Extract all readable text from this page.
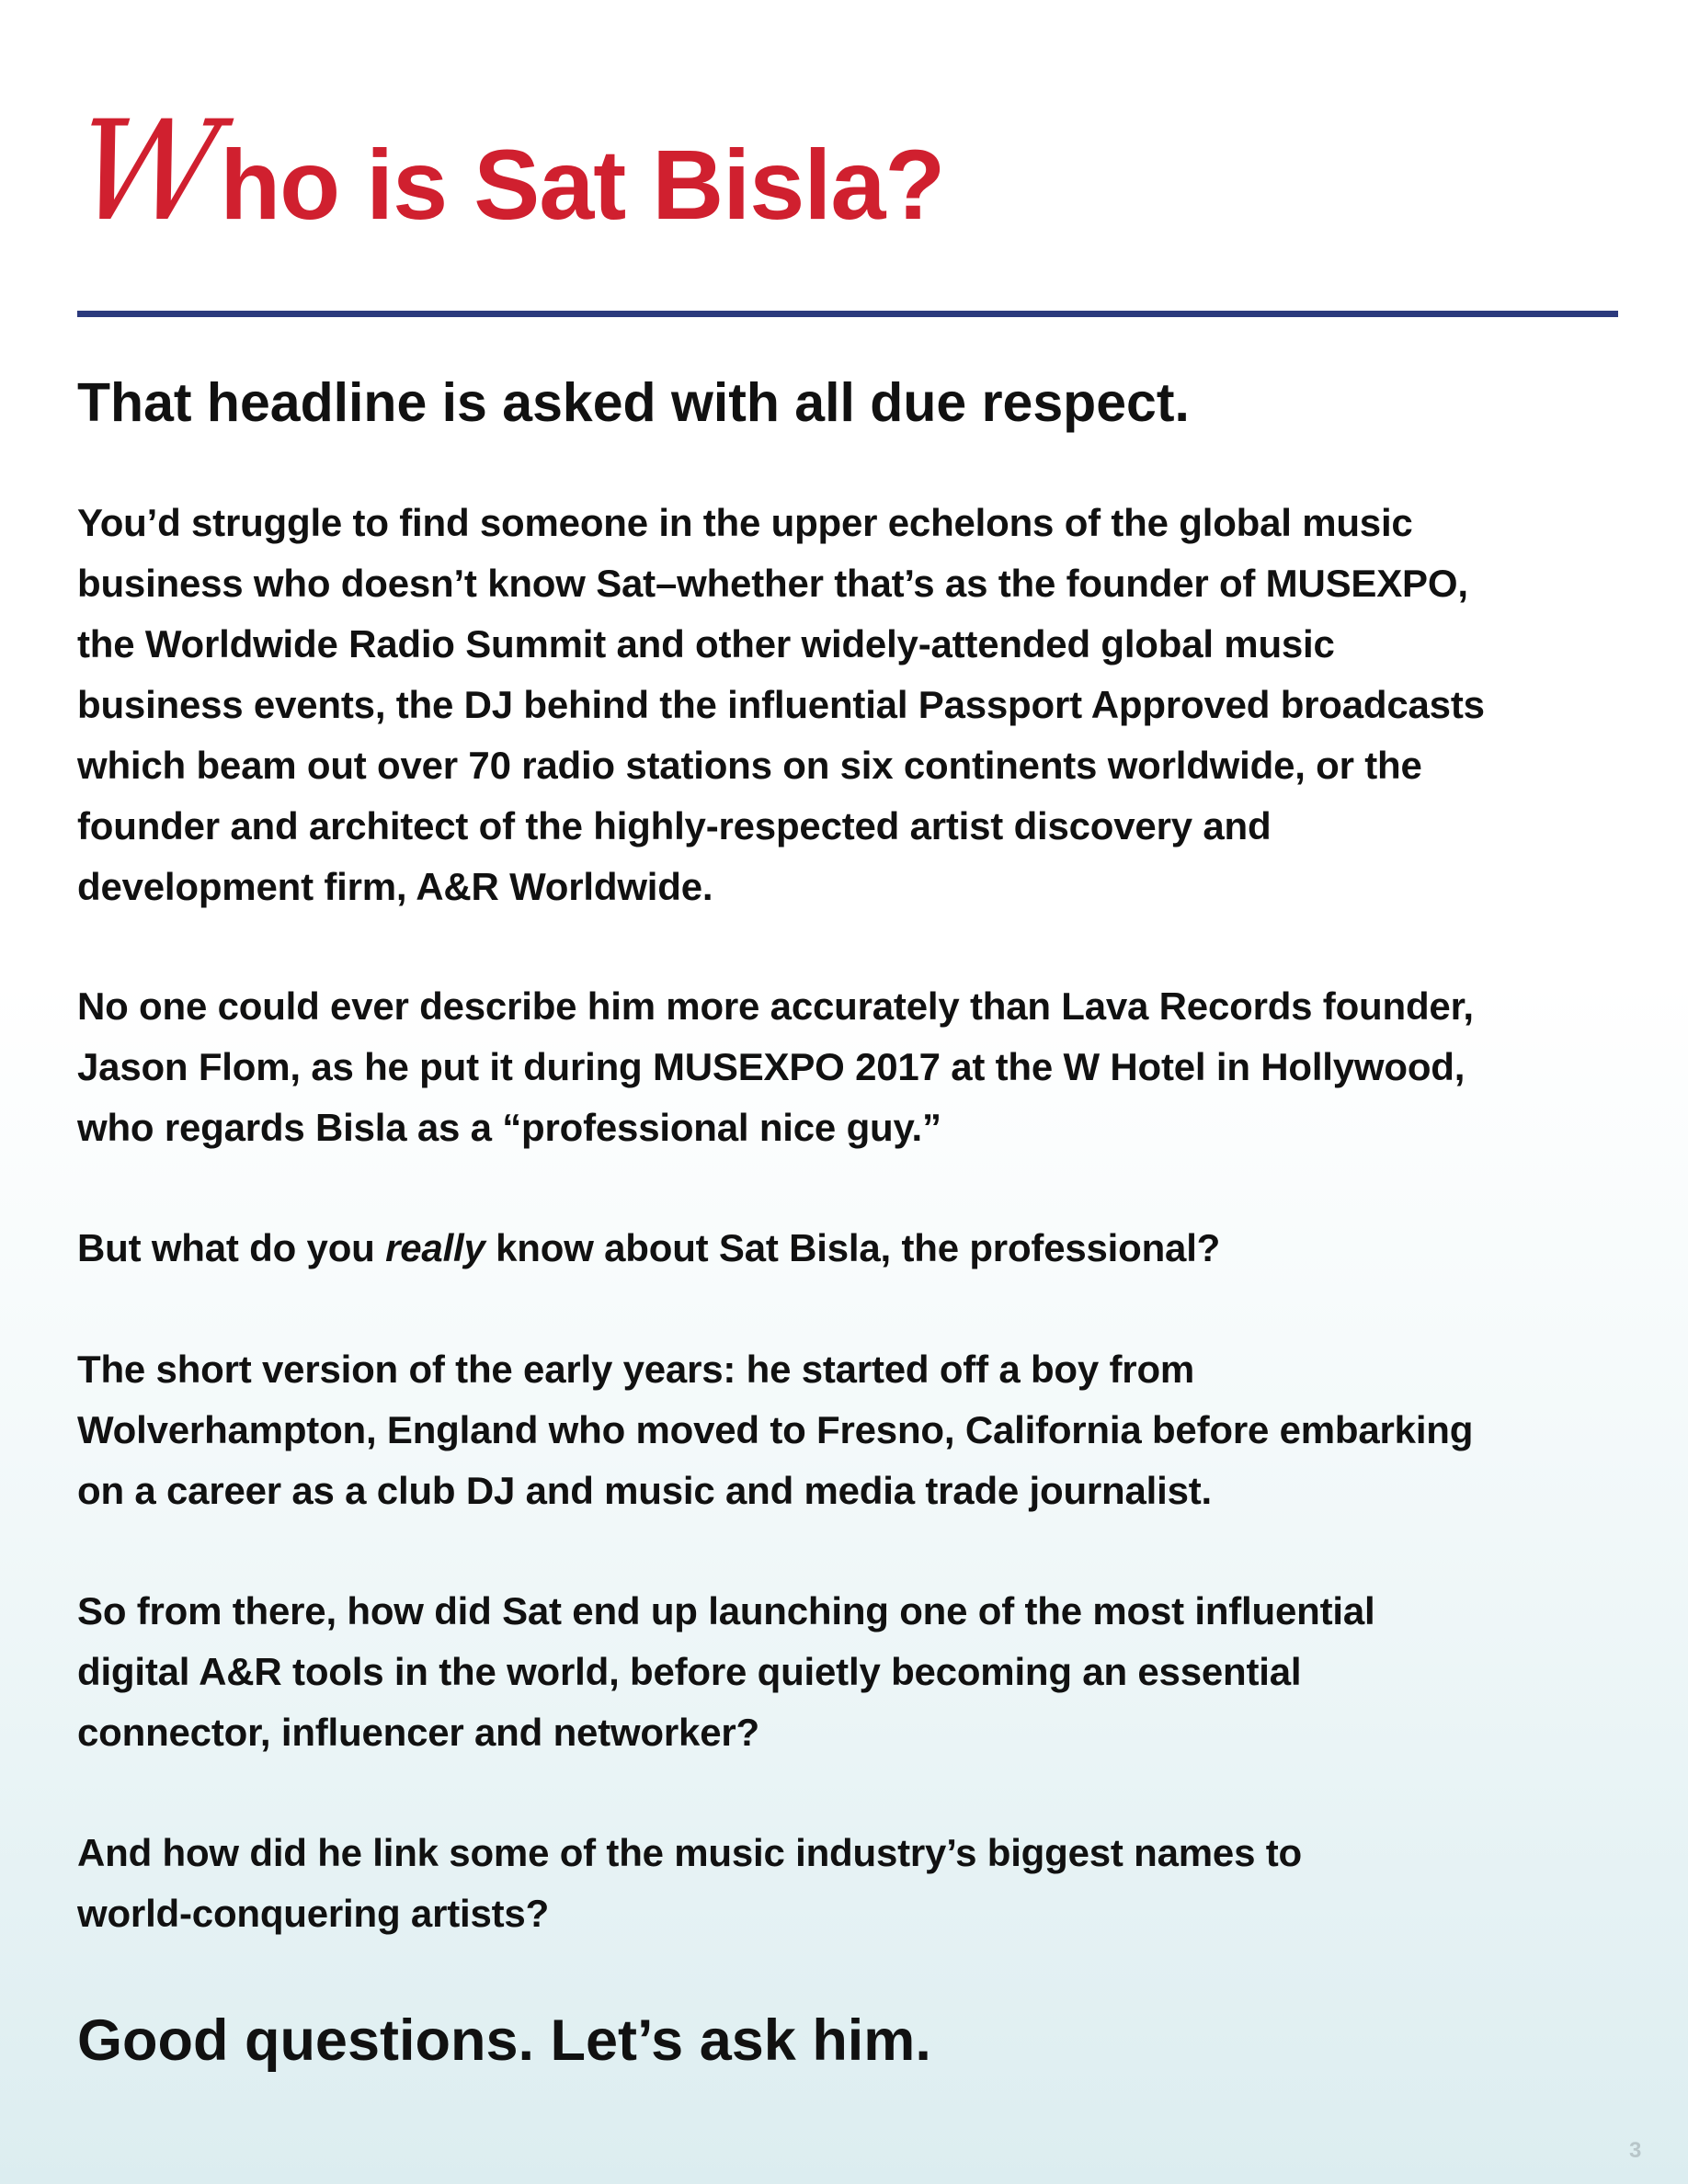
Who is Sat Bisla?
That headline is asked with all due respect.

You’d struggle to find someone in the upper echelons of the global music
business who doesn’t know Sat–whether that’s as the founder of MUSEXPO,
the Worldwide Radio Summit and other widely-attended global music
business events, the DJ behind the influential Passport Approved broadcasts
which beam out over 70 radio stations on six continents worldwide, or the
founder and architect of the highly-respected artist discovery and
development firm, A&R Worldwide.

No one could ever describe him more accurately than Lava Records founder,
Jason Flom, as he put it during MUSEXPO 2017 at the W Hotel in Hollywood,
who regards Bisla as a “professional nice guy.”

But what do you really know about Sat Bisla, the professional?

The short version of the early years: he started off a boy from
Wolverhampton, England who moved to Fresno, California before embarking
on a career as a club DJ and music and media trade journalist.

So from there, how did Sat end up launching one of the most influential
digital A&R tools in the world, before quietly becoming an essential
connector, influencer and networker?

And how did he link some of the music industry’s biggest names to
world-conquering artists?

Good questions. Let’s ask him.
3
